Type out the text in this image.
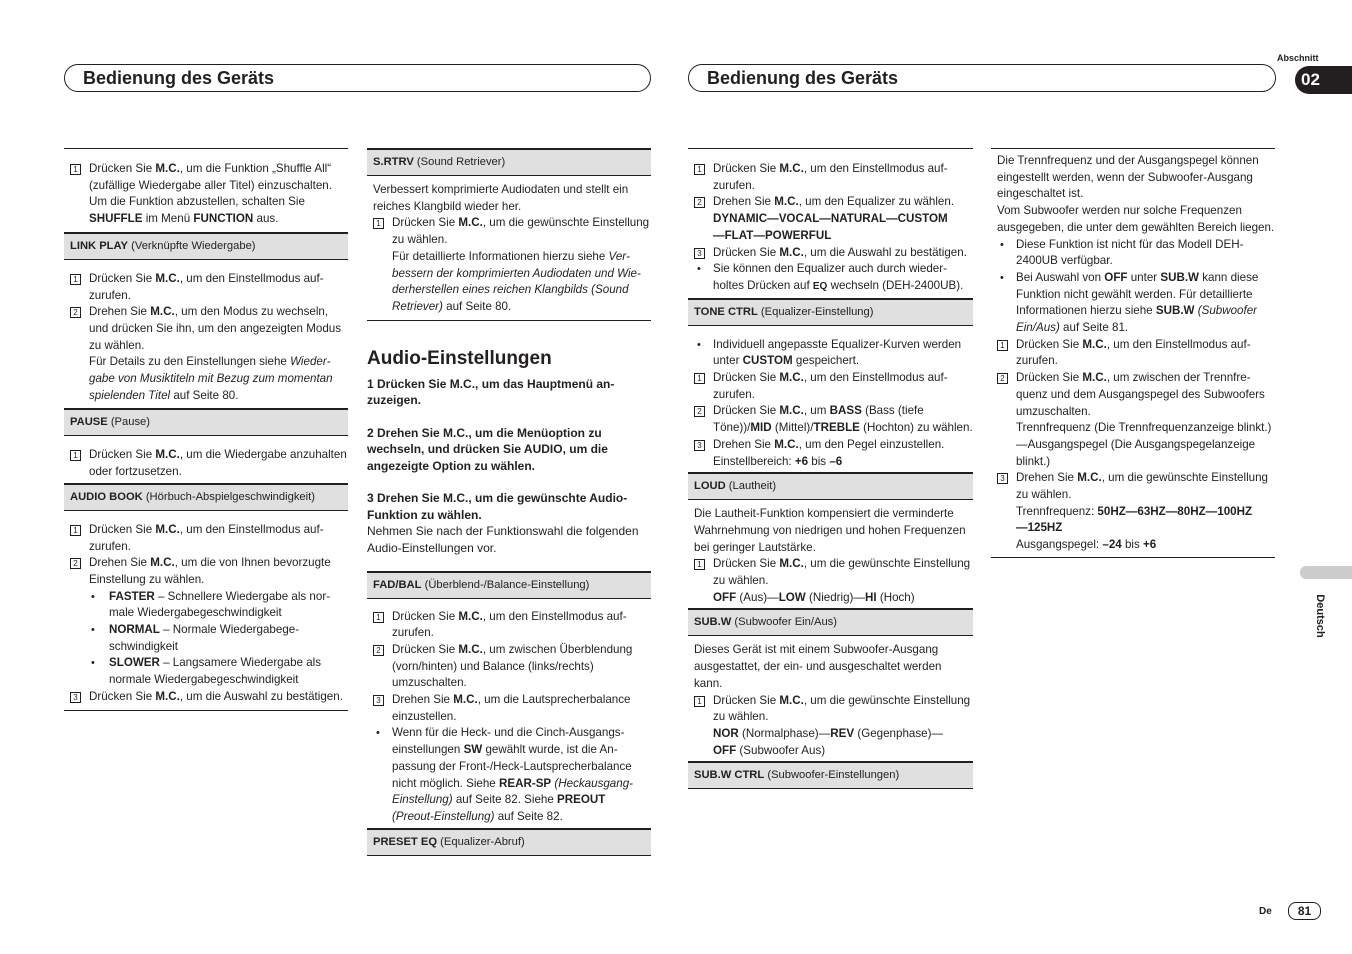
Bedienung des Geräts	Bedienung des Geräts
Abschnitt
02
Deutsch
De	81
1 Drücken Sie M.C., um die Funktion „Shuffle All“ (zufällige Wiedergabe aller Titel) einzuschalten.
Um die Funktion abzustellen, schalten Sie SHUFFLE im Menü FUNCTION aus.
LINK PLAY (Verknüpfte Wiedergabe)
1 Drücken Sie M.C., um den Einstellmodus aufzurufen.
2 Drehen Sie M.C., um den Modus zu wechseln, und drücken Sie ihn, um den angezeigten Modus zu wählen.
Für Details zu den Einstellungen siehe Wiedergabe von Musiktiteln mit Bezug zum momentan spielenden Titel auf Seite 80.
PAUSE (Pause)
1 Drücken Sie M.C., um die Wiedergabe anzuhalten oder fortzusetzen.
AUDIO BOOK (Hörbuch-Abspielgeschwindigkeit)
1 Drücken Sie M.C., um den Einstellmodus aufzurufen.
2 Drehen Sie M.C., um die von Ihnen bevorzugte Einstellung zu wählen.
• FASTER – Schnellere Wiedergabe als normale Wiedergabegeschwindigkeit
• NORMAL – Normale Wiedergabegeschwindigkeit
• SLOWER – Langsamere Wiedergabe als normale Wiedergabegeschwindigkeit
3 Drücken Sie M.C., um die Auswahl zu bestätigen.
S.RTRV (Sound Retriever)

Verbessert komprimierte Audiodaten und stellt ein reiches Klangbild wieder her.

1 Drücken Sie M.C., um die gewünschte Einstellung zu wählen.
Für detaillierte Informationen hierzu siehe Verbessern der komprimierten Audiodaten und Wiederherstellen eines reichen Klangbilds (Sound Retriever) auf Seite 80.
Audio-Einstellungen

1 Drücken Sie M.C., um das Hauptmenü anzuzeigen.

2 Drehen Sie M.C., um die Menüoption zu wechseln, und drücken Sie AUDIO, um die angezeigte Option zu wählen.

3 Drehen Sie M.C., um die gewünschte Audio-Funktion zu wählen.

Nehmen Sie nach der Funktionswahl die folgenden Audio-Einstellungen vor.

FAD/BAL (Überblend-/Balance-Einstellung)
1 Drücken Sie M.C., um den Einstellmodus aufzurufen.
2 Drücken Sie M.C., um zwischen Überblendung (vorn/hinten) und Balance (links/rechts) umzuschalten.
3 Drehen Sie M.C., um die Lautsprecherbalance einzustellen.
• Wenn für die Heck- und die Cinch-Ausgangseinstellungen SW gewählt wurde, ist die Anpassung der Front-/Heck-Lautsprecherbalance nicht möglich. Siehe REAR-SP (Heckausgang-Einstellung) auf Seite 82. Siehe PREOUT
(Preout-Einstellung) auf Seite 82.
PRESET EQ (Equalizer-Abruf)
1 Drücken Sie M.C., um den Einstellmodus aufzurufen.
2 Drehen Sie M.C., um den Equalizer zu wählen.
DYNAMIC—VOCAL—NATURAL—CUSTOM
—FLAT—POWERFUL
3 Drücken Sie M.C., um die Auswahl zu bestätigen.
• Sie können den Equalizer auch durch wiederholtes Drücken auf EQ wechseln (DEH-2400UB).
TONE CTRL (Equalizer-Einstellung)
• Individuell angepasste Equalizer-Kurven werden unter CUSTOM gespeichert.
1 Drücken Sie M.C., um den Einstellmodus aufzurufen.
2 Drücken Sie M.C., um BASS (Bass (tiefe Töne))/MID (Mittel)/TREBLE (Hochton) zu wählen.
3 Drehen Sie M.C., um den Pegel einzustellen.
Einstellbereich: +6 bis –6
LOUD (Lautheit)

Die Lautheit-Funktion kompensiert die verminderte Wahrnehmung von niedrigen und hohen Frequenzen bei geringer Lautstärke.

1 Drücken Sie M.C., um die gewünschte Einstellung zu wählen.
OFF (Aus)—LOW (Niedrig)—HI (Hoch)
SUB.W (Subwoofer Ein/Aus)

Dieses Gerät ist mit einem Subwoofer-Ausgang ausgestattet, der ein- und ausgeschaltet werden kann.

1 Drücken Sie M.C., um die gewünschte Einstellung zu wählen.
NOR (Normalphase)—REV (Gegenphase)—
OFF (Subwoofer Aus)
SUB.W CTRL (Subwoofer-Einstellungen)

Die Trennfrequenz und der Ausgangspegel können eingestellt werden, wenn der Subwoofer-Ausgang eingeschaltet ist.

Vom Subwoofer werden nur solche Frequenzen ausgegeben, die unter dem gewählten Bereich liegen.

• Diese Funktion ist nicht für das Modell DEH-2400UB verfügbar.
• Bei Auswahl von OFF unter SUB.W kann diese Funktion nicht gewählt werden. Für detaillierte Informationen hierzu siehe SUB.W (Subwoofer Ein/Aus) auf Seite 81.
1 Drücken Sie M.C., um den Einstellmodus aufzurufen.
2 Drücken Sie M.C., um zwischen der Trennfrequenz und dem Ausgangspegel des Subwoofers umzuschalten.
Trennfrequenz (Die Trennfrequenzanzeige blinkt.)—Ausgangspegel (Die Ausgangspegelanzeige blinkt.)
3 Drehen Sie M.C., um die gewünschte Einstellung zu wählen.
Trennfrequenz: 50HZ—63HZ—80HZ—100HZ
—125HZ
Ausgangspegel: –24 bis +6
